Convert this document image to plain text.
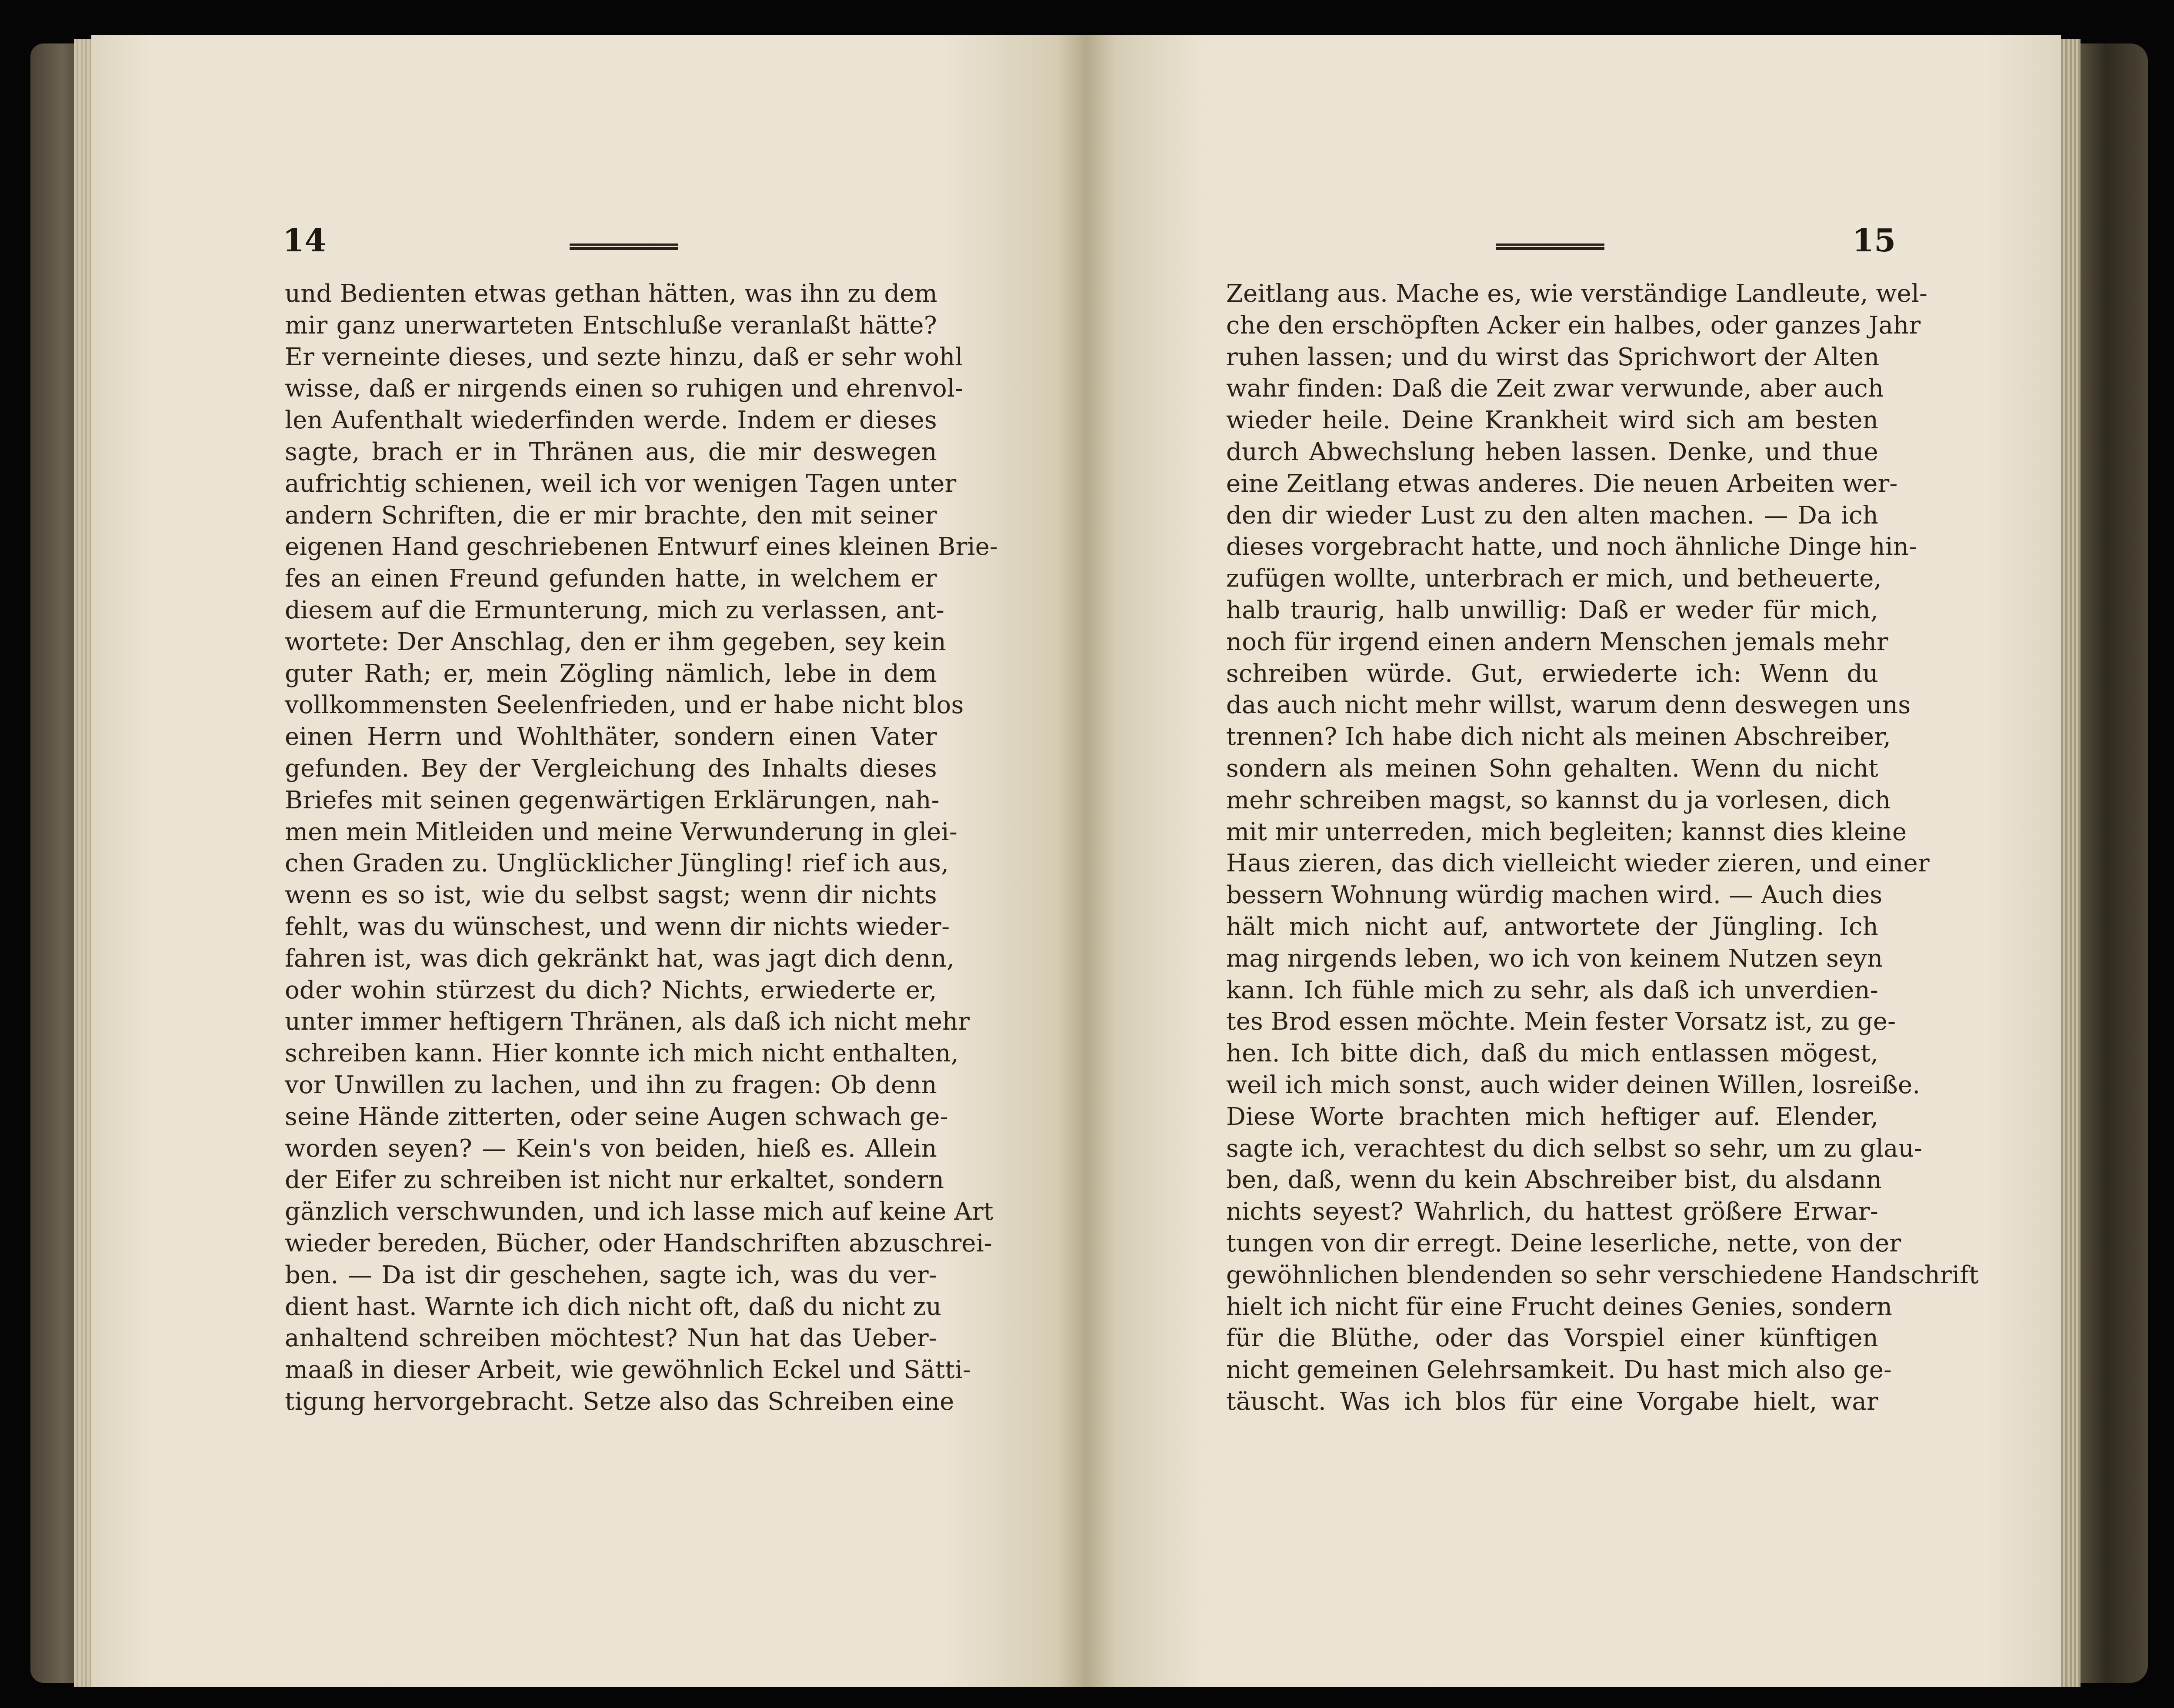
14
und Bedienten etwas gethan hätten, was ihn zu dem
mir ganz unerwarteten Entschluße veranlaßt hätte?
Er verneinte dieses, und sezte hinzu, daß er sehr wohl
wisse, daß er nirgends einen so ruhigen und ehrenvol-
len Aufenthalt wiederfinden werde. Indem er dieses
sagte, brach er in Thränen aus, die mir deswegen
aufrichtig schienen, weil ich vor wenigen Tagen unter
andern Schriften, die er mir brachte, den mit seiner
eigenen Hand geschriebenen Entwurf eines kleinen Brie-
fes an einen Freund gefunden hatte, in welchem er
diesem auf die Ermunterung, mich zu verlassen, ant-
wortete: Der Anschlag, den er ihm gegeben, sey kein
guter Rath; er, mein Zögling nämlich, lebe in dem
vollkommensten Seelenfrieden, und er habe nicht blos
einen Herrn und Wohlthäter, sondern einen Vater
gefunden. Bey der Vergleichung des Inhalts dieses
Briefes mit seinen gegenwärtigen Erklärungen, nah-
men mein Mitleiden und meine Verwunderung in glei-
chen Graden zu. Unglücklicher Jüngling! rief ich aus,
wenn es so ist, wie du selbst sagst; wenn dir nichts
fehlt, was du wünschest, und wenn dir nichts wieder-
fahren ist, was dich gekränkt hat, was jagt dich denn,
oder wohin stürzest du dich? Nichts, erwiederte er,
unter immer heftigern Thränen, als daß ich nicht mehr
schreiben kann. Hier konnte ich mich nicht enthalten,
vor Unwillen zu lachen, und ihn zu fragen: Ob denn
seine Hände zitterten, oder seine Augen schwach ge-
worden seyen? — Kein's von beiden, hieß es. Allein
der Eifer zu schreiben ist nicht nur erkaltet, sondern
gänzlich verschwunden, und ich lasse mich auf keine Art
wieder bereden, Bücher, oder Handschriften abzuschrei-
ben. — Da ist dir geschehen, sagte ich, was du ver-
dient hast. Warnte ich dich nicht oft, daß du nicht zu
anhaltend schreiben möchtest? Nun hat das Ueber-
maaß in dieser Arbeit, wie gewöhnlich Eckel und Sätti-
tigung hervorgebracht. Setze also das Schreiben eine
15
Zeitlang aus. Mache es, wie verständige Landleute, wel-
che den erschöpften Acker ein halbes, oder ganzes Jahr
ruhen lassen; und du wirst das Sprichwort der Alten
wahr finden: Daß die Zeit zwar verwunde, aber auch
wieder heile. Deine Krankheit wird sich am besten
durch Abwechslung heben lassen. Denke, und thue
eine Zeitlang etwas anderes. Die neuen Arbeiten wer-
den dir wieder Lust zu den alten machen. — Da ich
dieses vorgebracht hatte, und noch ähnliche Dinge hin-
zufügen wollte, unterbrach er mich, und betheuerte,
halb traurig, halb unwillig: Daß er weder für mich,
noch für irgend einen andern Menschen jemals mehr
schreiben würde. Gut, erwiederte ich: Wenn du
das auch nicht mehr willst, warum denn deswegen uns
trennen? Ich habe dich nicht als meinen Abschreiber,
sondern als meinen Sohn gehalten. Wenn du nicht
mehr schreiben magst, so kannst du ja vorlesen, dich
mit mir unterreden, mich begleiten; kannst dies kleine
Haus zieren, das dich vielleicht wieder zieren, und einer
bessern Wohnung würdig machen wird. — Auch dies
hält mich nicht auf, antwortete der Jüngling. Ich
mag nirgends leben, wo ich von keinem Nutzen seyn
kann. Ich fühle mich zu sehr, als daß ich unverdien-
tes Brod essen möchte. Mein fester Vorsatz ist, zu ge-
hen. Ich bitte dich, daß du mich entlassen mögest,
weil ich mich sonst, auch wider deinen Willen, losreiße.
Diese Worte brachten mich heftiger auf. Elender,
sagte ich, verachtest du dich selbst so sehr, um zu glau-
ben, daß, wenn du kein Abschreiber bist, du alsdann
nichts seyest? Wahrlich, du hattest größere Erwar-
tungen von dir erregt. Deine leserliche, nette, von der
gewöhnlichen blendenden so sehr verschiedene Handschrift
hielt ich nicht für eine Frucht deines Genies, sondern
für die Blüthe, oder das Vorspiel einer künftigen
nicht gemeinen Gelehrsamkeit. Du hast mich also ge-
täuscht. Was ich blos für eine Vorgabe hielt, war
